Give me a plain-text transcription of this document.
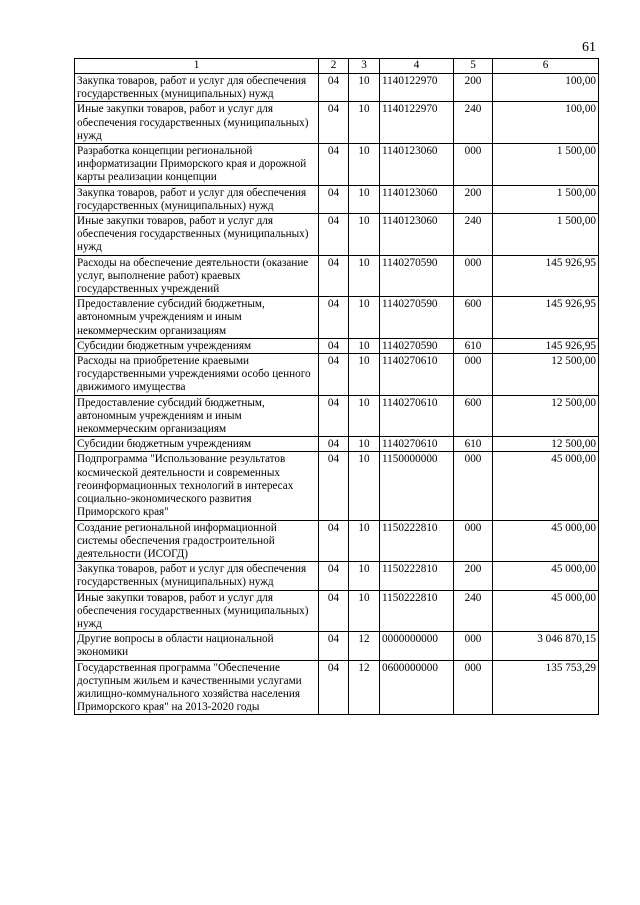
61
1	2	3	4	5	6
Закупка товаров, работ и услуг для обеспечения государственных (муниципальных) нужд	04	10	1140122970	200	100,00
Иные закупки товаров, работ и услуг для обеспечения государственных (муниципальных) нужд	04	10	1140122970	240	100,00
Разработка концепции региональной информатизации Приморского края и дорожной карты реализации концепции	04	10	1140123060	000	1 500,00
Закупка товаров, работ и услуг для обеспечения государственных (муниципальных) нужд	04	10	1140123060	200	1 500,00
Иные закупки товаров, работ и услуг для обеспечения государственных (муниципальных) нужд	04	10	1140123060	240	1 500,00
Расходы на обеспечение деятельности (оказание услуг, выполнение работ) краевых государственных учреждений	04	10	1140270590	000	145 926,95
Предоставление субсидий бюджетным, автономным учреждениям и иным некоммерческим организациям	04	10	1140270590	600	145 926,95
Субсидии бюджетным учреждениям	04	10	1140270590	610	145 926,95
Расходы на приобретение краевыми государственными учреждениями особо ценного движимого имущества	04	10	1140270610	000	12 500,00
Предоставление субсидий бюджетным, автономным учреждениям и иным некоммерческим организациям	04	10	1140270610	600	12 500,00
Субсидии бюджетным учреждениям	04	10	1140270610	610	12 500,00
Подпрограмма "Использование результатов космической деятельности и современных геоинформационных технологий в интересах социально-экономического развития Приморского края"	04	10	1150000000	000	45 000,00
Создание региональной информационной системы обеспечения градостроительной деятельности (ИСОГД)	04	10	1150222810	000	45 000,00
Закупка товаров, работ и услуг для обеспечения государственных (муниципальных) нужд	04	10	1150222810	200	45 000,00
Иные закупки товаров, работ и услуг для обеспечения государственных (муниципальных) нужд	04	10	1150222810	240	45 000,00
Другие вопросы в области национальной экономики	04	12	0000000000	000	3 046 870,15
Государственная программа "Обеспечение доступным жильем и качественными услугами жилищно-коммунального хозяйства населения Приморского края" на 2013-2020 годы	04	12	0600000000	000	135 753,29
